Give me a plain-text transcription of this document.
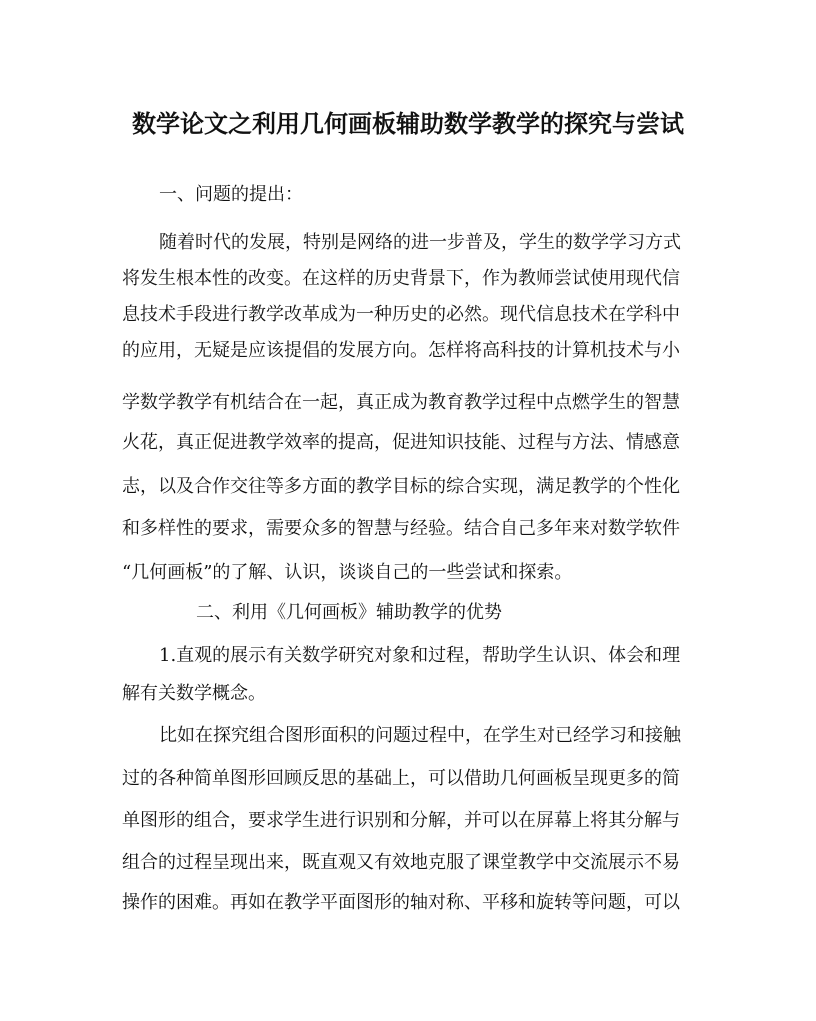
数学论文之利用几何画板辅助数学教学的探究与尝试
一、问题的提出：
随着时代的发展，特别是网络的进一步普及，学生的数学学习方式
将发生根本性的改变。在这样的历史背景下，作为教师尝试使用现代信
息技术手段进行教学改革成为一种历史的必然。现代信息技术在学科中
的应用，无疑是应该提倡的发展方向。怎样将高科技的计算机技术与小
学数学教学有机结合在一起，真正成为教育教学过程中点燃学生的智慧
火花，真正促进教学效率的提高，促进知识技能、过程与方法、情感意
志，以及合作交往等多方面的教学目标的综合实现，满足教学的个性化
和多样性的要求，需要众多的智慧与经验。结合自己多年来对数学软件
“几何画板”的了解、认识，谈谈自己的一些尝试和探索。
二、利用《几何画板》辅助教学的优势
1.直观的展示有关数学研究对象和过程，帮助学生认识、体会和理
解有关数学概念。
比如在探究组合图形面积的问题过程中，在学生对已经学习和接触
过的各种简单图形回顾反思的基础上，可以借助几何画板呈现更多的简
单图形的组合，要求学生进行识别和分解，并可以在屏幕上将其分解与
组合的过程呈现出来，既直观又有效地克服了课堂教学中交流展示不易
操作的困难。再如在教学平面图形的轴对称、平移和旋转等问题，可以
